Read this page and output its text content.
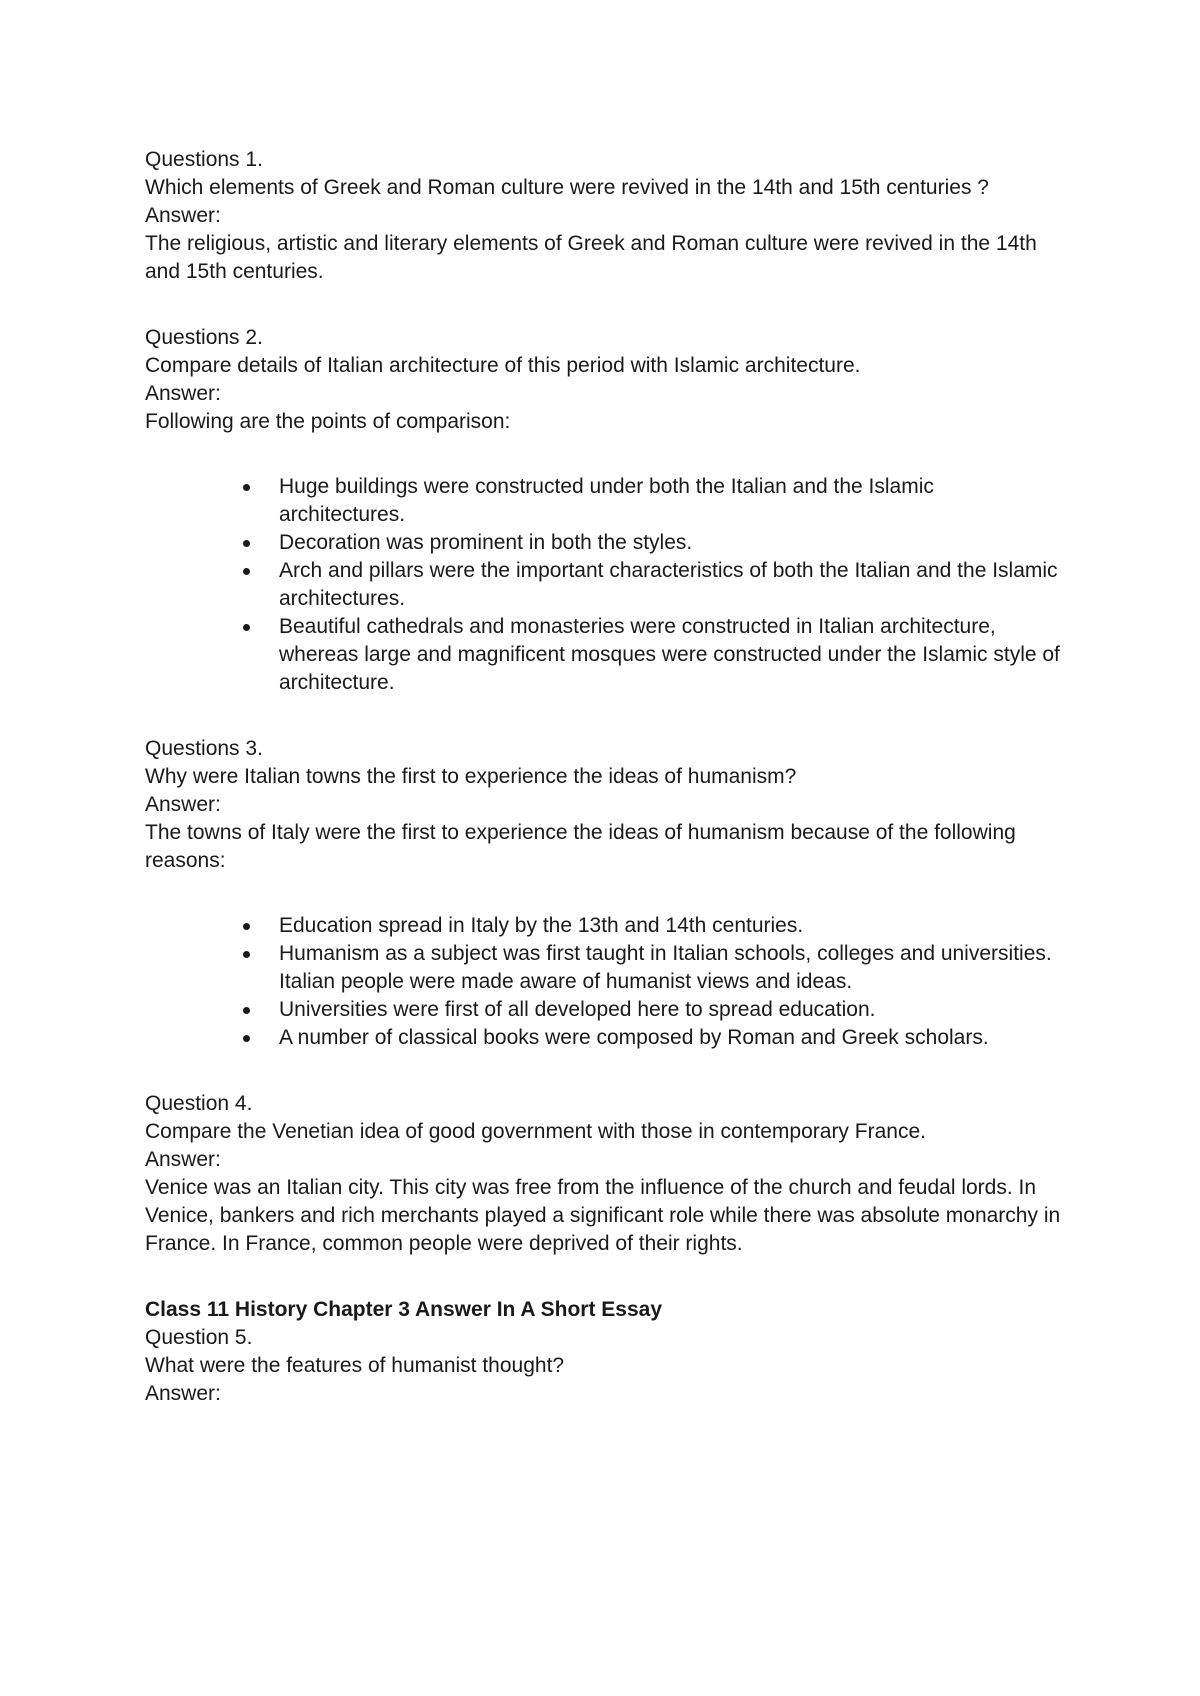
Questions 1.

Which elements of Greek and Roman culture were revived in the 14th and 15th centuries ?

Answer:

The religious, artistic and literary elements of Greek and Roman culture were revived in the 14th and 15th centuries.

Questions 2.

Compare details of Italian architecture of this period with Islamic architecture.

Answer:

Following are the points of comparison:

Huge buildings were constructed under both the Italian and the Islamic architectures.
Decoration was prominent in both the styles.
Arch and pillars were the important characteristics of both the Italian and the Islamic architectures.
Beautiful cathedrals and monasteries were constructed in Italian architecture, whereas large and magnificent mosques were constructed under the Islamic style of architecture.

Questions 3.

Why were Italian towns the first to experience the ideas of humanism?

Answer:

The towns of Italy were the first to experience the ideas of humanism because of the following reasons:

Education spread in Italy by the 13th and 14th centuries.
Humanism as a subject was first taught in Italian schools, colleges and universities. Italian people were made aware of humanist views and ideas.
Universities were first of all developed here to spread education.
A number of classical books were composed by Roman and Greek scholars.

Question 4.

Compare the Venetian idea of good government with those in contemporary France.

Answer:

Venice was an Italian city. This city was free from the influence of the church and feudal lords. In Venice, bankers and rich merchants played a significant role while there was absolute monarchy in France. In France, common people were deprived of their rights.

Class 11 History Chapter 3 Answer In A Short Essay

Question 5.

What were the features of humanist thought?

Answer:
